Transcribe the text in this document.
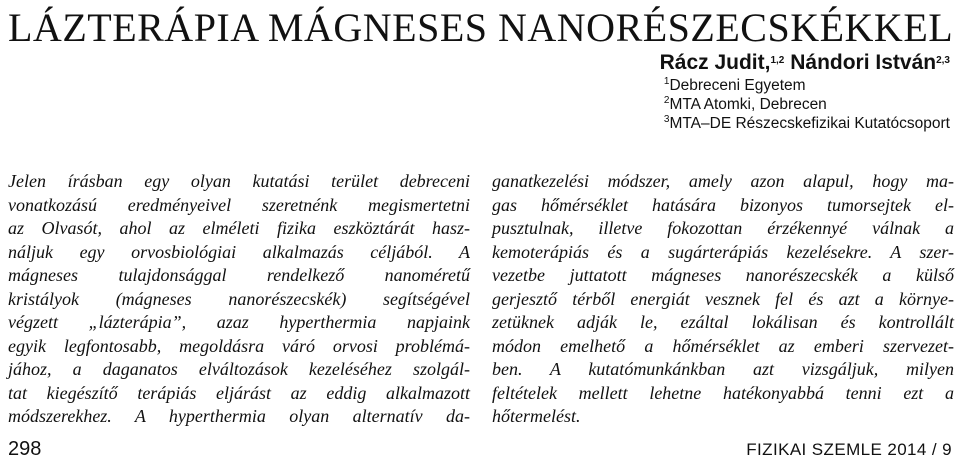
LÁZTERÁPIA MÁGNESES NANORÉSZECSKÉKKEL
Rácz Judit,$^{1,2}$ Nándori István$^{2,3}$
$^1$Debreceni Egyetem
$^2$MTA Atomki, Debrecen
$^3$MTA–DE Részecskefizikai Kutatócsoport
Jelen írásban egy olyan kutatási terület debreceni
vonatkozású eredményeivel szeretnénk megismertetni
az Olvasót, ahol az elméleti fizika eszköztárát hasz-
náljuk egy orvosbiológiai alkalmazás céljából. A
mágneses tulajdonsággal rendelkező nanoméretű
kristályok (mágneses nanorészecskék) segítségével
végzett „lázterápia”, azaz hyperthermia napjaink
egyik legfontosabb, megoldásra váró orvosi problémá-
jához, a daganatos elváltozások kezeléséhez szolgál-
tat kiegészítő terápiás eljárást az eddig alkalmazott
módszerekhez. A hyperthermia olyan alternatív da-
ganatkezelési módszer, amely azon alapul, hogy ma-
gas hőmérséklet hatására bizonyos tumorsejtek el-
pusztulnak, illetve fokozottan érzékennyé válnak a
kemoterápiás és a sugárterápiás kezelésekre. A szer-
vezetbe juttatott mágneses nanorészecskék a külső
gerjesztő térből energiát vesznek fel és azt a környe-
zetüknek adják le, ezáltal lokálisan és kontrollált
módon emelhető a hőmérséklet az emberi szervezet-
ben. A kutatómunkánkban azt vizsgáljuk, milyen
feltételek mellett lehetne hatékonyabbá tenni ezt a
hőtermelést.
298	FIZIKAI SZEMLE 2014 / 9
